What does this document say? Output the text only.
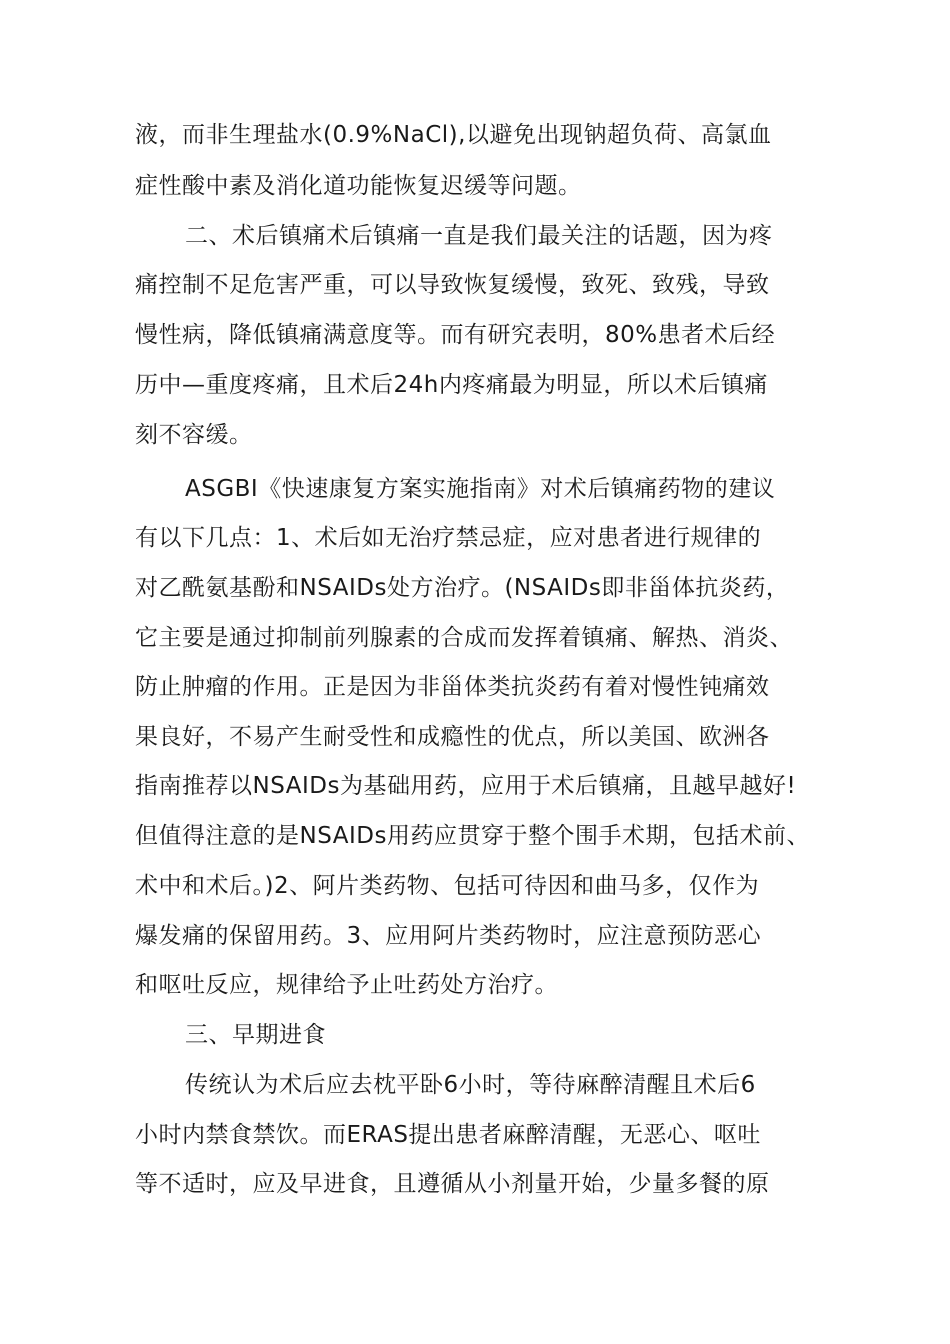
液，而非生理盐水(0.9%NaCl),以避免出现钠超负荷、高氯血
症性酸中素及消化道功能恢复迟缓等问题。
二、术后镇痛术后镇痛一直是我们最关注的话题，因为疼
痛控制不足危害严重，可以导致恢复缓慢，致死、致残，导致
慢性病，降低镇痛满意度等。而有研究表明，80%患者术后经
历中—重度疼痛，且术后24h内疼痛最为明显，所以术后镇痛
刻不容缓。
ASGBI《快速康复方案实施指南》对术后镇痛药物的建议
有以下几点：1、术后如无治疗禁忌症，应对患者进行规律的
对乙酰氨基酚和NSAIDs处方治疗。(NSAIDs即非甾体抗炎药，
它主要是通过抑制前列腺素的合成而发挥着镇痛、解热、消炎、
防止肿瘤的作用。正是因为非甾体类抗炎药有着对慢性钝痛效
果良好，不易产生耐受性和成瘾性的优点，所以美国、欧洲各
指南推荐以NSAIDs为基础用药，应用于术后镇痛，且越早越好!
但值得注意的是NSAIDs用药应贯穿于整个围手术期，包括术前、
术中和术后。)2、阿片类药物、包括可待因和曲马多，仅作为
爆发痛的保留用药。3、应用阿片类药物时，应注意预防恶心
和呕吐反应，规律给予止吐药处方治疗。
三、早期进食
传统认为术后应去枕平卧6小时，等待麻醉清醒且术后6
小时内禁食禁饮。而ERAS提出患者麻醉清醒，无恶心、呕吐
等不适时，应及早进食，且遵循从小剂量开始，少量多餐的原
